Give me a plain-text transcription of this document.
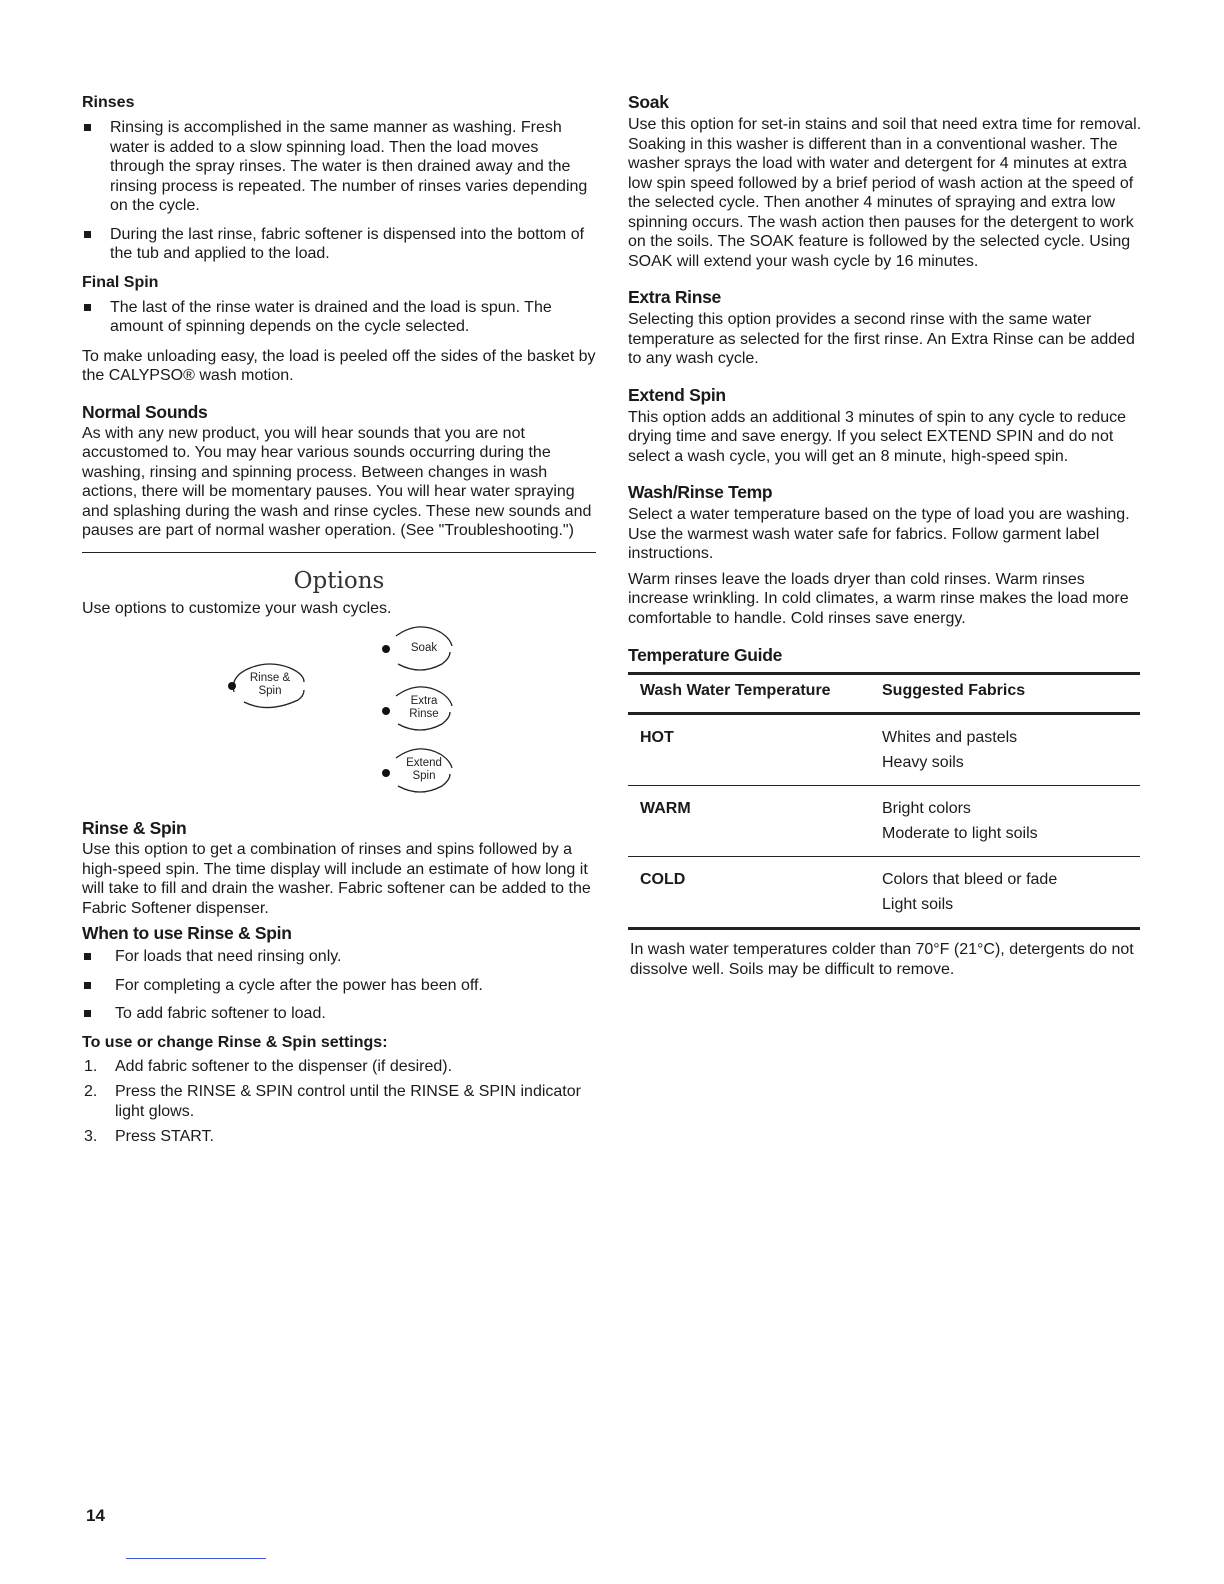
Rinses
Rinsing is accomplished in the same manner as washing. Fresh water is added to a slow spinning load. Then the load moves through the spray rinses. The water is then drained away and the rinsing process is repeated. The number of rinses varies depending on the cycle.
During the last rinse, fabric softener is dispensed into the bottom of the tub and applied to the load.
Final Spin
The last of the rinse water is drained and the load is spun. The amount of spinning depends on the cycle selected.

To make unloading easy, the load is peeled off the sides of the basket by the CALYPSO® wash motion.

Normal Sounds

As with any new product, you will hear sounds that you are not accustomed to. You may hear various sounds occurring during the washing, rinsing and spinning process. Between changes in wash actions, there will be momentary pauses. You will hear water spraying and splashing during the wash and rinse cycles. These new sounds and pauses are part of normal washer operation. (See "Troubleshooting.")

Options

Use options to customize your wash cycles.

Rinse &
Spin
Soak
Extra
Rinse
Extend
Spin
Rinse & Spin

Use this option to get a combination of rinses and spins followed by a high-speed spin. The time display will include an estimate of how long it will take to fill and drain the washer. Fabric softener can be added to the Fabric Softener dispenser.

When to use Rinse & Spin
For loads that need rinsing only.
For completing a cycle after the power has been off.
To add fabric softener to load.
To use or change Rinse & Spin settings:
1. Add fabric softener to the dispenser (if desired).
2. Press the RINSE & SPIN control until the RINSE & SPIN indicator light glows.
3. Press START.
Soak

Use this option for set-in stains and soil that need extra time for removal. Soaking in this washer is different than in a conventional washer. The washer sprays the load with water and detergent for 4 minutes at extra low spin speed followed by a brief period of wash action at the speed of the selected cycle. Then another 4 minutes of spraying and extra low spinning occurs. The wash action then pauses for the detergent to work on the soils. The SOAK feature is followed by the selected cycle. Using SOAK will extend your wash cycle by 16 minutes.

Extra Rinse

Selecting this option provides a second rinse with the same water temperature as selected for the first rinse. An Extra Rinse can be added to any wash cycle.

Extend Spin

This option adds an additional 3 minutes of spin to any cycle to reduce drying time and save energy. If you select EXTEND SPIN and do not select a wash cycle, you will get an 8 minute, high-speed spin.

Wash/Rinse Temp

Select a water temperature based on the type of load you are washing. Use the warmest wash water safe for fabrics. Follow garment label instructions.

Warm rinses leave the loads dryer than cold rinses. Warm rinses increase wrinkling. In cold climates, a warm rinse makes the load more comfortable to handle. Cold rinses save energy.

Temperature Guide
Wash Water Temperature	Suggested Fabrics
HOT	Whites and pastels
Heavy soils

WARM	Bright colors
Moderate to light soils

COLD	Colors that bleed or fade
Light soils

In wash water temperatures colder than 70°F (21°C), detergents do not dissolve well. Soils may be difficult to remove.

14
